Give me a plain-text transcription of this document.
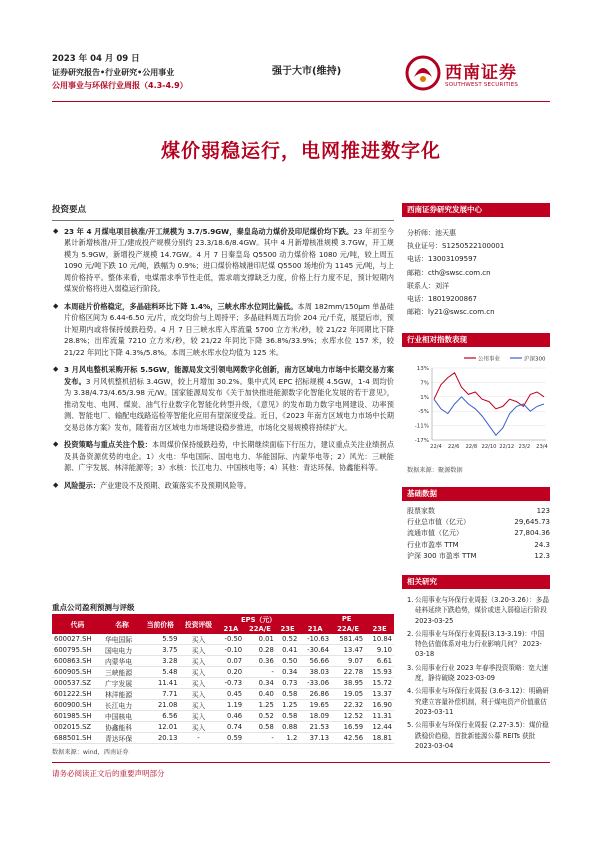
2023 年 04 月 09 日
证券研究报告•行业研究•公用事业
公用事业与环保行业周报（4.3-4.9）
强于大市(维持)	西南证券
SOUTHWEST SECURITIES
煤价弱稳运行，电网推进数字化
投资要点
◆ 23 年 4 月煤电项目核准/开工规模为 3.7/5.9GW，秦皇岛动力煤价及印尼煤价均下跌。23 年初至今累计新增核准/开工/建成投产规模分别约 23.3/18.6/8.4GW。其中 4 月新增核准规模 3.7GW，开工规模为 5.9GW，新增投产规模 14.7GW。4 月 7 日秦皇岛 Q5500 动力煤价格 1080 元/吨，较上周五 1090 元/吨下跌 10 元/吨，跌幅为 0.9%；进口煤价格城港印尼煤 Q5500 场地价为 1145 元/吨，与上周价格持平。整体来看，电煤需求季节性走低，需求端支撑缺乏力度，价格上行力度不足，预计短期内煤炭价格将进入弱稳运行阶段。
◆ 本周硅片价格稳定，多晶硅料环比下降 1.4%，三峡水库水位同比偏低。本周 182mm/150μm 单晶硅片价格区间为 6.44-6.50 元/片，成交均价与上周持平；多晶硅料周五均价 204 元/千克，展望后市，预计短期内或将保持缓跌趋势。4 月 7 日三峡水库入库流量 5700 立方米/秒，较 21/22 年同期比下降 28.8%；出库流量 7210 立方米/秒，较 21/22 年同比下降 36.8%/33.9%；水库水位 157 米，较 21/22 年同比下降 4.3%/5.8%。本周三峡水库水位均值为 125 米。
◆ 3 月风电整机采购开标 5.5GW，能源局发文引领电网数字化创新，南方区域电力市场中长期交易方案发布。3 月风机整机招标 3.4GW，较上月增加 30.2%。集中式风 EPC 招标规模 4.5GW，1-4 周均价为 3.38/4.73/4.65/3.98 元/W。国家能源局发布《关于加快推进能源数字化智能化发展的若干意见》，推动发电、电网、煤炭、油气行业数字化智能化转型升级，《意见》的发布助力数字电网建设、功率预测、智能电厂、输配电线路巡检等智能化应用有望深度受益。近日，《2023 年南方区域电力市场中长期交易总体方案》发布，随着南方区域电力市场建设稳步推进，市场化交易规模将持续扩大。
◆ 投资策略与重点关注个股：本周煤价保持缓跌趋势，中长期继续面临下行压力，建议重点关注业绩拐点及具备资源优势的电企。1）火电：华电国际、国电电力、华能国际、内蒙华电等；2）风光：三峡能源、广宇发展、林洋能源等；3）水核：长江电力、中国核电等；4）其他：青达环保、协鑫能科等。
◆ 风险提示：产业建设不及预期、政策落实不及预期风险等。
重点公司盈利预测与评级
代码	名称	当前价格	投资评级	EPS（元）			PE		
				21A	22A/E	23E	21A	22A/E	23E
600027.SH	华电国际	5.59	买入	-0.50	0.01	0.52	-10.63	581.45	10.84
600795.SH	国电电力	3.75	买入	-0.10	0.28	0.41	-30.64	13.47	9.10
600863.SH	内蒙华电	3.28	买入	0.07	0.36	0.50	56.66	9.07	6.61
600905.SH	三峡能源	5.48	买入	0.20	-	0.34	38.03	22.78	15.93
000537.SZ	广宇发展	11.41	买入	-0.73	0.34	0.73	-33.06	38.95	15.72
601222.SH	林洋能源	7.71	买入	0.45	0.40	0.58	26.86	19.05	13.37
600900.SH	长江电力	21.08	买入	1.19	1.25	1.25	19.65	22.32	16.90
601985.SH	中国核电	6.56	买入	0.46	0.52	0.58	18.09	12.52	11.31
002015.SZ	协鑫能科	12.01	买入	0.74	0.58	0.88	21.53	16.59	12.44
688501.SH	青达环保	20.13	-	0.59	-	1.2	37.13	42.56	18.81
数据来源：wind，西南证券
西南证券研究发展中心
分析师：池天惠
执业证号：S1250522100001
电话：13003109597
邮箱：cth@swsc.com.cn
联系人：刘洋
电话：18019200867
邮箱：ly21@swsc.com.cn
行业相对指数表现
公用事业	沪深300
13%
7%
1%
-5%
-11%
-17%
22/4 22/6 22/8 22/10 22/12 23/2 23/4
数据来源：聚源数据
基础数据
股票家数	123
行业总市值（亿元）	29,645.73
流通市值（亿元）	27,804.36
行业市盈率 TTM	24.3
沪深 300 市盈率 TTM	12.3
相关研究
1. 公用事业与环保行业周报（3.20-3.26）：多晶硅料延续下跌趋势，煤价或进入弱稳运行阶段 2023-03-25
2. 公用事业与环保行业周报(3.13-3.19)：中国特色估值体系对电力行业影响几何？ 2023-03-18
3. 公用事业行业 2023 年春季投资策略：宽大速度，静待破晓 2023-03-09
4. 公用事业与环保行业周报 (3.6-3.12)：明确研究建立容量补偿机制，利于煤电资产价值重估 2023-03-11
5. 公用事业与环保行业周报 (2.27-3.5)：煤价稳跌稳价趋稳，首批新能源公募 REITs 获批 2023-03-04
请务必阅读正文后的重要声明部分
